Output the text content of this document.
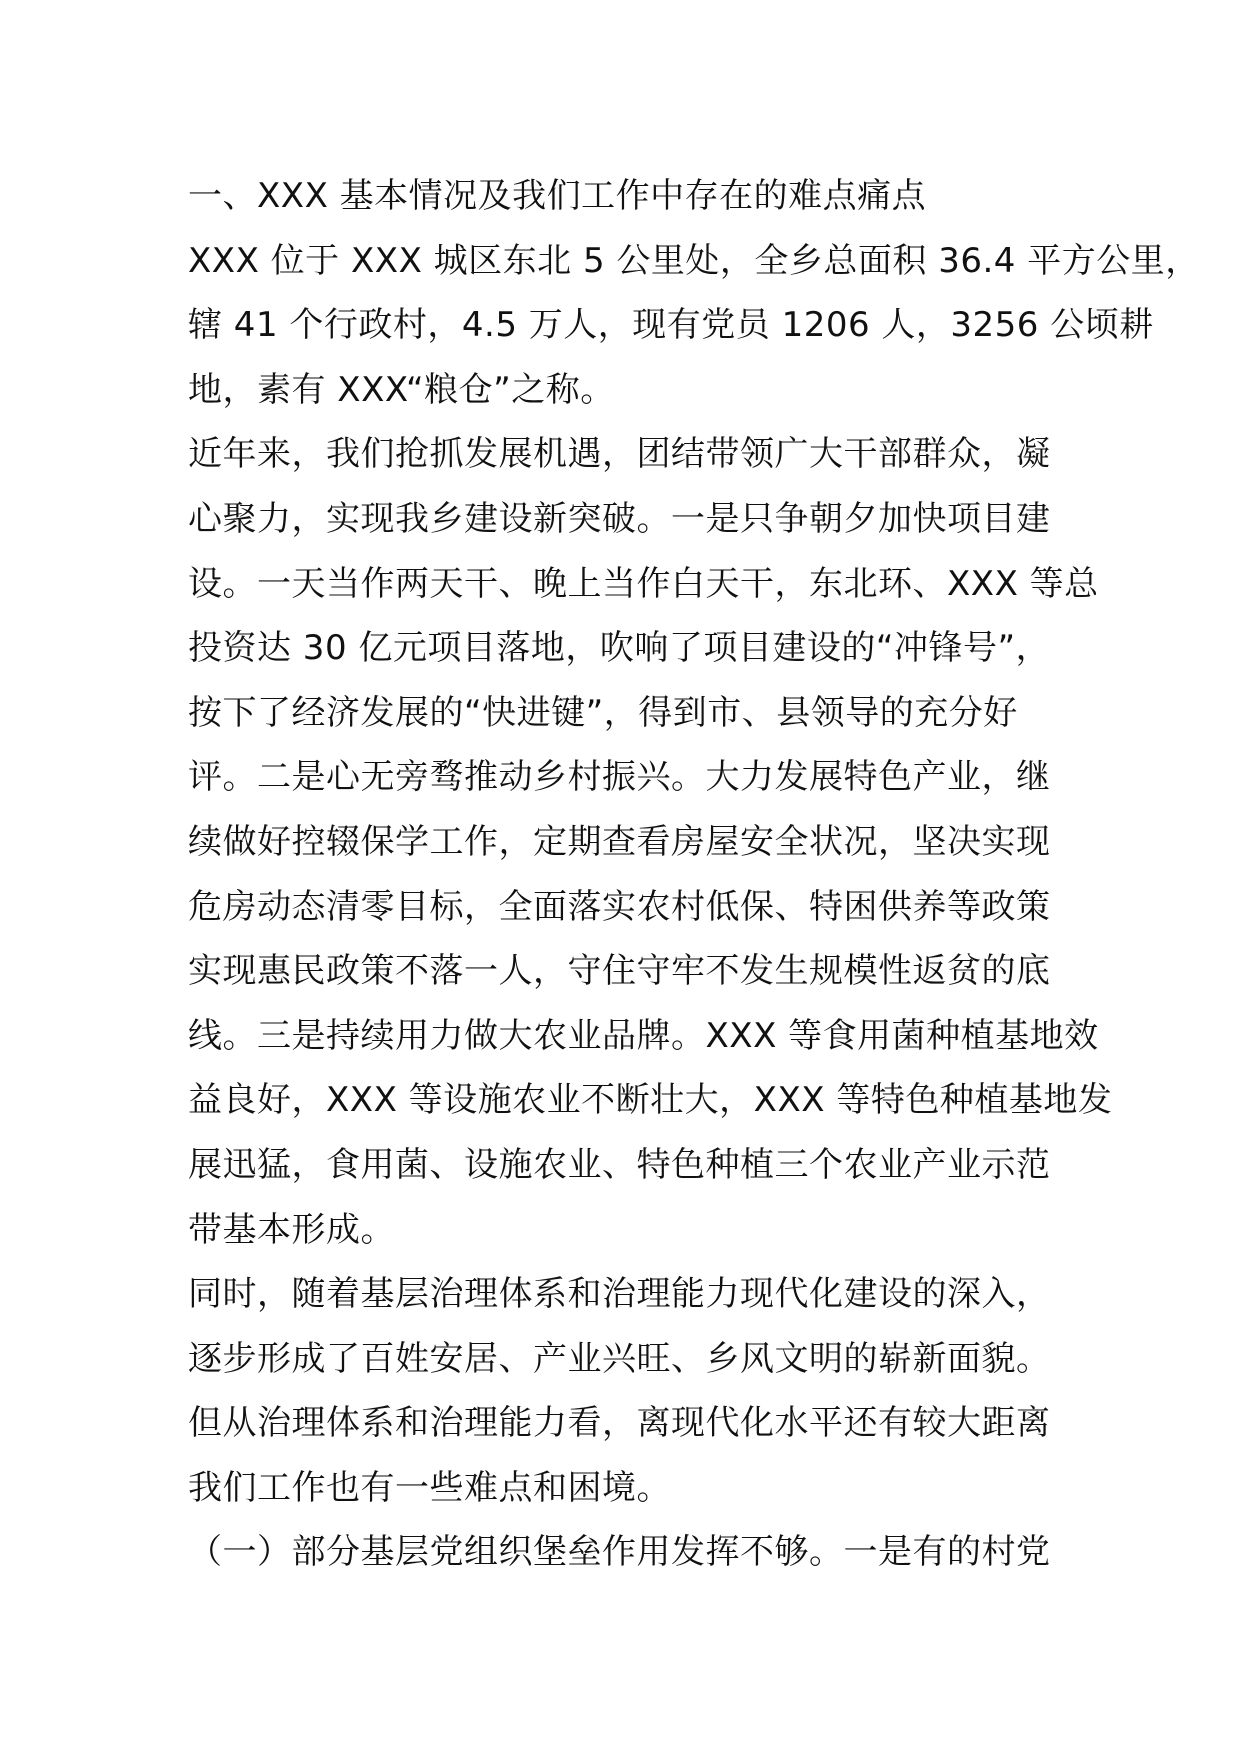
一、XXX 基本情况及我们工作中存在的难点痛点
XXX 位于 XXX 城区东北 5 公里处，全乡总面积 36.4 平方公里，
辖 41 个行政村，4.5 万人，现有党员 1206 人，3256 公顷耕
地，素有 XXX“粮仓”之称。
近年来，我们抢抓发展机遇，团结带领广大干部群众，凝
心聚力，实现我乡建设新突破。一是只争朝夕加快项目建
设。一天当作两天干、晚上当作白天干，东北环、XXX 等总
投资达 30 亿元项目落地，吹响了项目建设的“冲锋号”，
按下了经济发展的“快进键”，得到市、县领导的充分好
评。二是心无旁骛推动乡村振兴。大力发展特色产业，继
续做好控辍保学工作，定期查看房屋安全状况，坚决实现
危房动态清零目标，全面落实农村低保、特困供养等政策
实现惠民政策不落一人，守住守牢不发生规模性返贫的底
线。三是持续用力做大农业品牌。XXX 等食用菌种植基地效
益良好，XXX 等设施农业不断壮大，XXX 等特色种植基地发
展迅猛，食用菌、设施农业、特色种植三个农业产业示范
带基本形成。
同时，随着基层治理体系和治理能力现代化建设的深入，
逐步形成了百姓安居、产业兴旺、乡风文明的崭新面貌。
但从治理体系和治理能力看，离现代化水平还有较大距离
我们工作也有一些难点和困境。
（一）部分基层党组织堡垒作用发挥不够。一是有的村党
